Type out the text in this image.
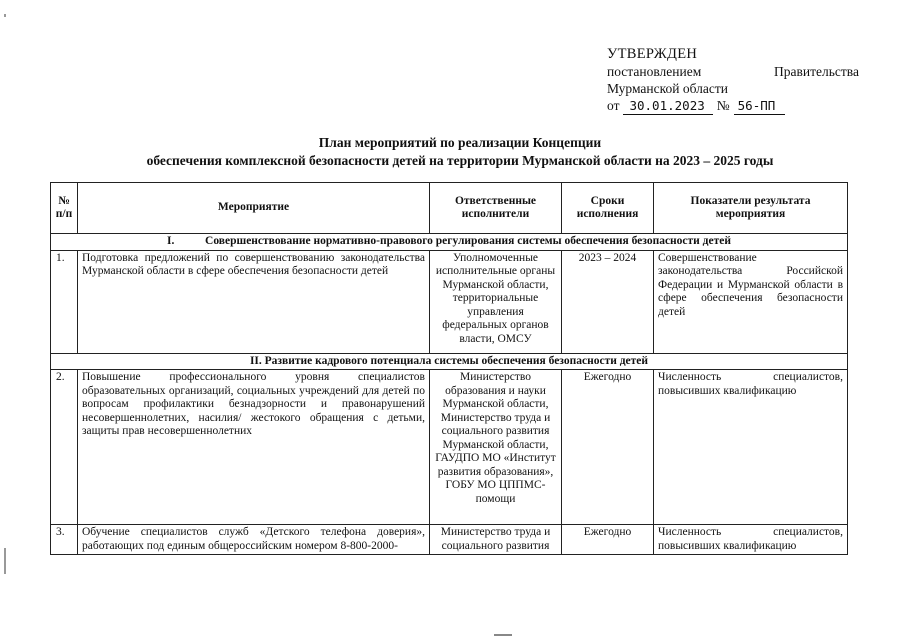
УТВЕРЖДЕН
постановлением	Правительства
Мурманской области
от 30.01.2023 № 56-ПП
План мероприятий по реализации Концепции
обеспечения комплексной безопасности детей на территории Мурманской области на 2023 – 2025 годы
№ п/п	Мероприятие	Ответственные исполнители	Сроки исполнения	Показатели результата мероприятия
I. Совершенствование нормативно-правового регулирования системы обеспечения безопасности детей				
1.	Подготовка предложений по совершенствованию законодательства Мурманской области в сфере обеспечения безопасности детей	Уполномоченные исполнительные органы Мурманской области, территориальные управления федеральных органов власти, ОМСУ	2023 – 2024	Совершенствование законодательства Российской Федерации и Мурманской области в сфере обеспечения безопасности детей
II. Развитие кадрового потенциала системы обеспечения безопасности детей				
2.	Повышение профессионального уровня специалистов образовательных организаций, социальных учреждений для детей по вопросам профилактики безнадзорности и правонарушений несовершеннолетних, насилия/ жестокого обращения с детьми, защиты прав несовершеннолетних	Министерство образования и науки Мурманской области, Министерство труда и социального развития Мурманской области, ГАУДПО МО «Институт развития образования», ГОБУ МО ЦППМС-помощи	Ежегодно	Численность специалистов, повысивших квалификацию
3.	Обучение специалистов служб «Детского телефона доверия», работающих под единым общероссийским номером 8-800-2000-	Министерство труда и социального развития	Ежегодно	Численность специалистов, повысивших квалификацию
